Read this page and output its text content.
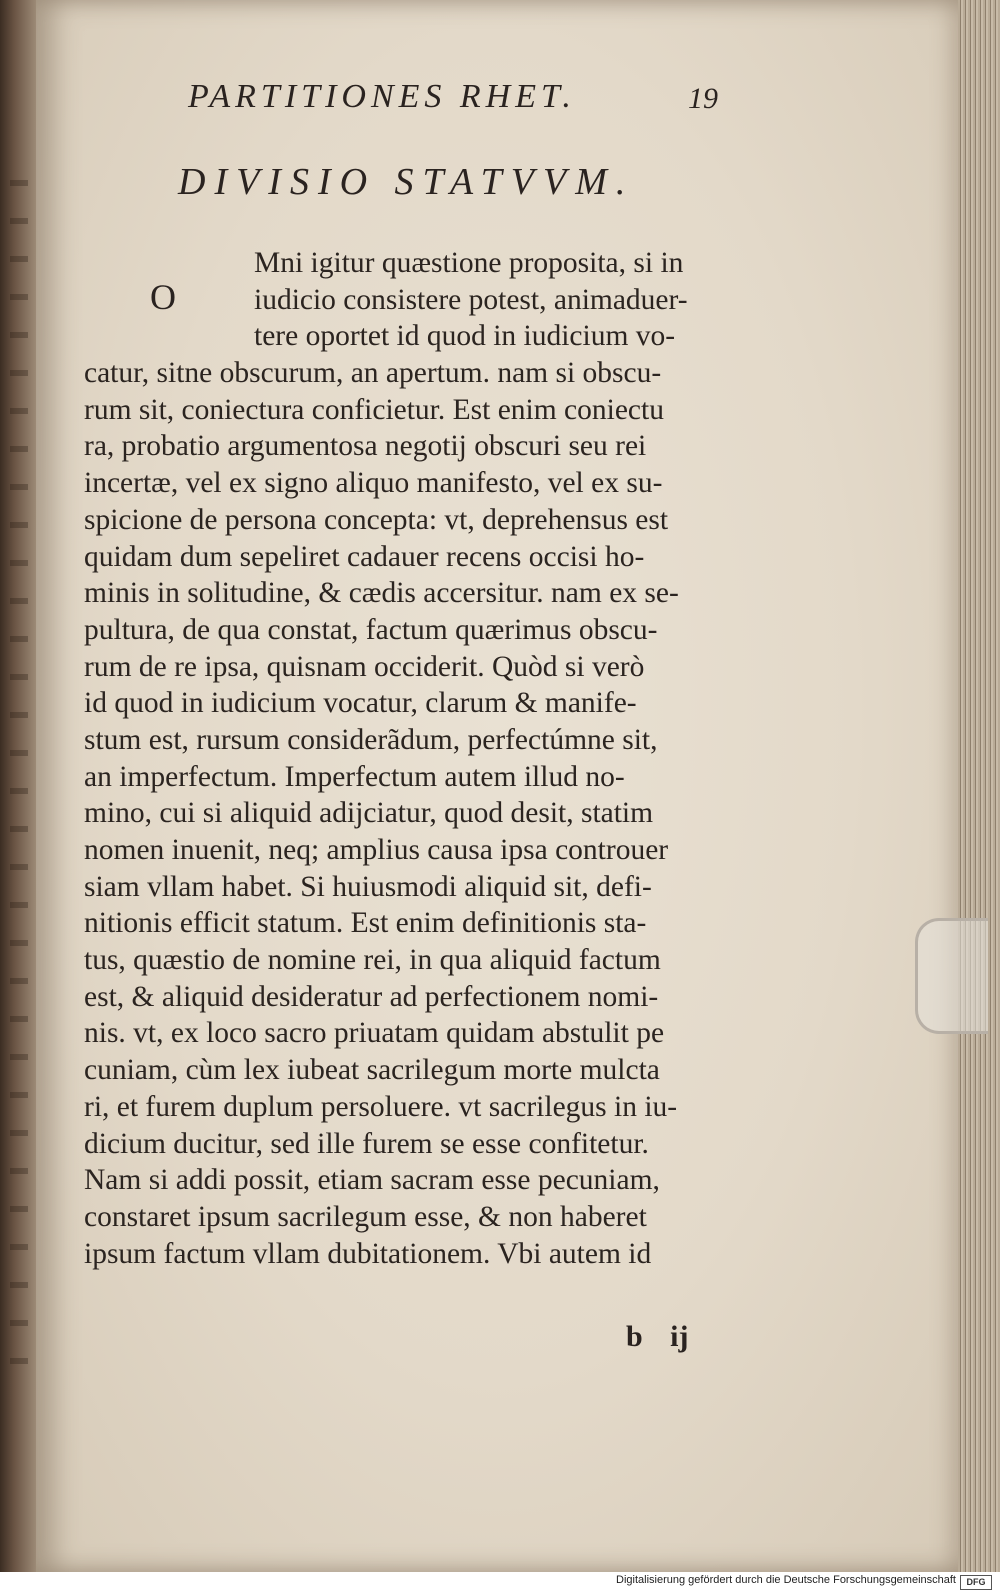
PARTITIONES RHET.	19
DIVISIO STATVVM.
O
Mni igitur quæstione proposita, si in
iudicio consistere potest, animaduer-
tere oportet id quod in iudicium vo-
catur, sitne obscurum, an apertum. nam si obscu-
rum sit, coniectura conficietur. Est enim coniectu
ra, probatio argumentosa negotij obscuri seu rei
incertæ, vel ex signo aliquo manifesto, vel ex su-
spicione de persona concepta: vt, deprehensus est
quidam dum sepeliret cadauer recens occisi ho-
minis in solitudine, & cædis accersitur. nam ex se-
pultura, de qua constat, factum quærimus obscu-
rum de re ipsa, quisnam occiderit. Quòd si verò
id quod in iudicium vocatur, clarum & manife-
stum est, rursum considerãdum, perfectúmne sit,
an imperfectum. Imperfectum autem illud no-
mino, cui si aliquid adijciatur, quod desit, statim
nomen inuenit, neq; amplius causa ipsa controuer
siam vllam habet. Si huiusmodi aliquid sit, defi-
nitionis efficit statum. Est enim definitionis sta-
tus, quæstio de nomine rei, in qua aliquid factum
est, & aliquid desideratur ad perfectionem nomi-
nis. vt, ex loco sacro priuatam quidam abstulit pe
cuniam, cùm lex iubeat sacrilegum morte mulcta
ri, et furem duplum persoluere. vt sacrilegus in iu-
dicium ducitur, sed ille furem se esse confitetur.
Nam si addi possit, etiam sacram esse pecuniam,
constaret ipsum sacrilegum esse, & non haberet
ipsum factum vllam dubitationem. Vbi autem id
b ij
Digitalisierung gefördert durch die Deutsche Forschungsgemeinschaft	DFG
